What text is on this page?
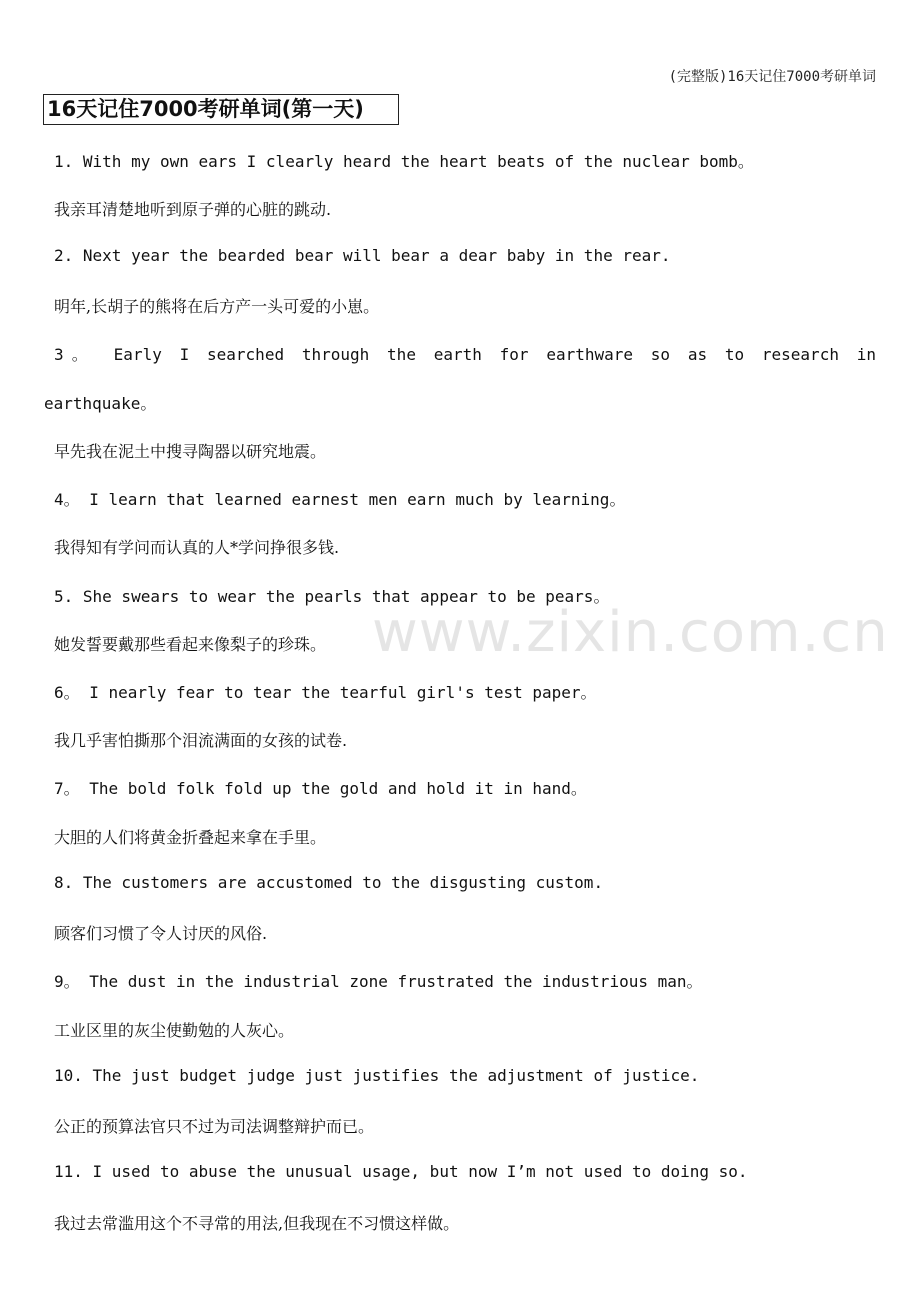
(完整版)16天记住7000考研单词
16天记住7000考研单词(第一天)
www.zixin.com.cn
1. With my own ears I clearly heard the heart beats of the nuclear bomb。
我亲耳清楚地听到原子弹的心脏的跳动.
2. Next year the bearded bear will bear a dear baby in the rear.
明年,长胡子的熊将在后方产一头可爱的小崽。
3。 Early I searched through the earth for earthware so as to research in
earthquake。
早先我在泥土中搜寻陶器以研究地震。
4。 I learn that learned earnest men earn much by learning。
我得知有学问而认真的人*学问挣很多钱.
5. She swears to wear the pearls that appear to be pears。
她发誓要戴那些看起来像梨子的珍珠。
6。 I nearly fear to tear the tearful girl's test paper。
我几乎害怕撕那个泪流满面的女孩的试卷.
7。 The bold folk fold up the gold and hold it in hand。
大胆的人们将黄金折叠起来拿在手里。
8. The customers are accustomed to the disgusting custom.
顾客们习惯了令人讨厌的风俗.
9。 The dust in the industrial zone frustrated the industrious man。
工业区里的灰尘使勤勉的人灰心。
10. The just budget judge just justifies the adjustment of justice.
公正的预算法官只不过为司法调整辩护而已。
11. I used to abuse the unusual usage, but now I’m not used to doing so.
我过去常滥用这个不寻常的用法,但我现在不习惯这样做。
